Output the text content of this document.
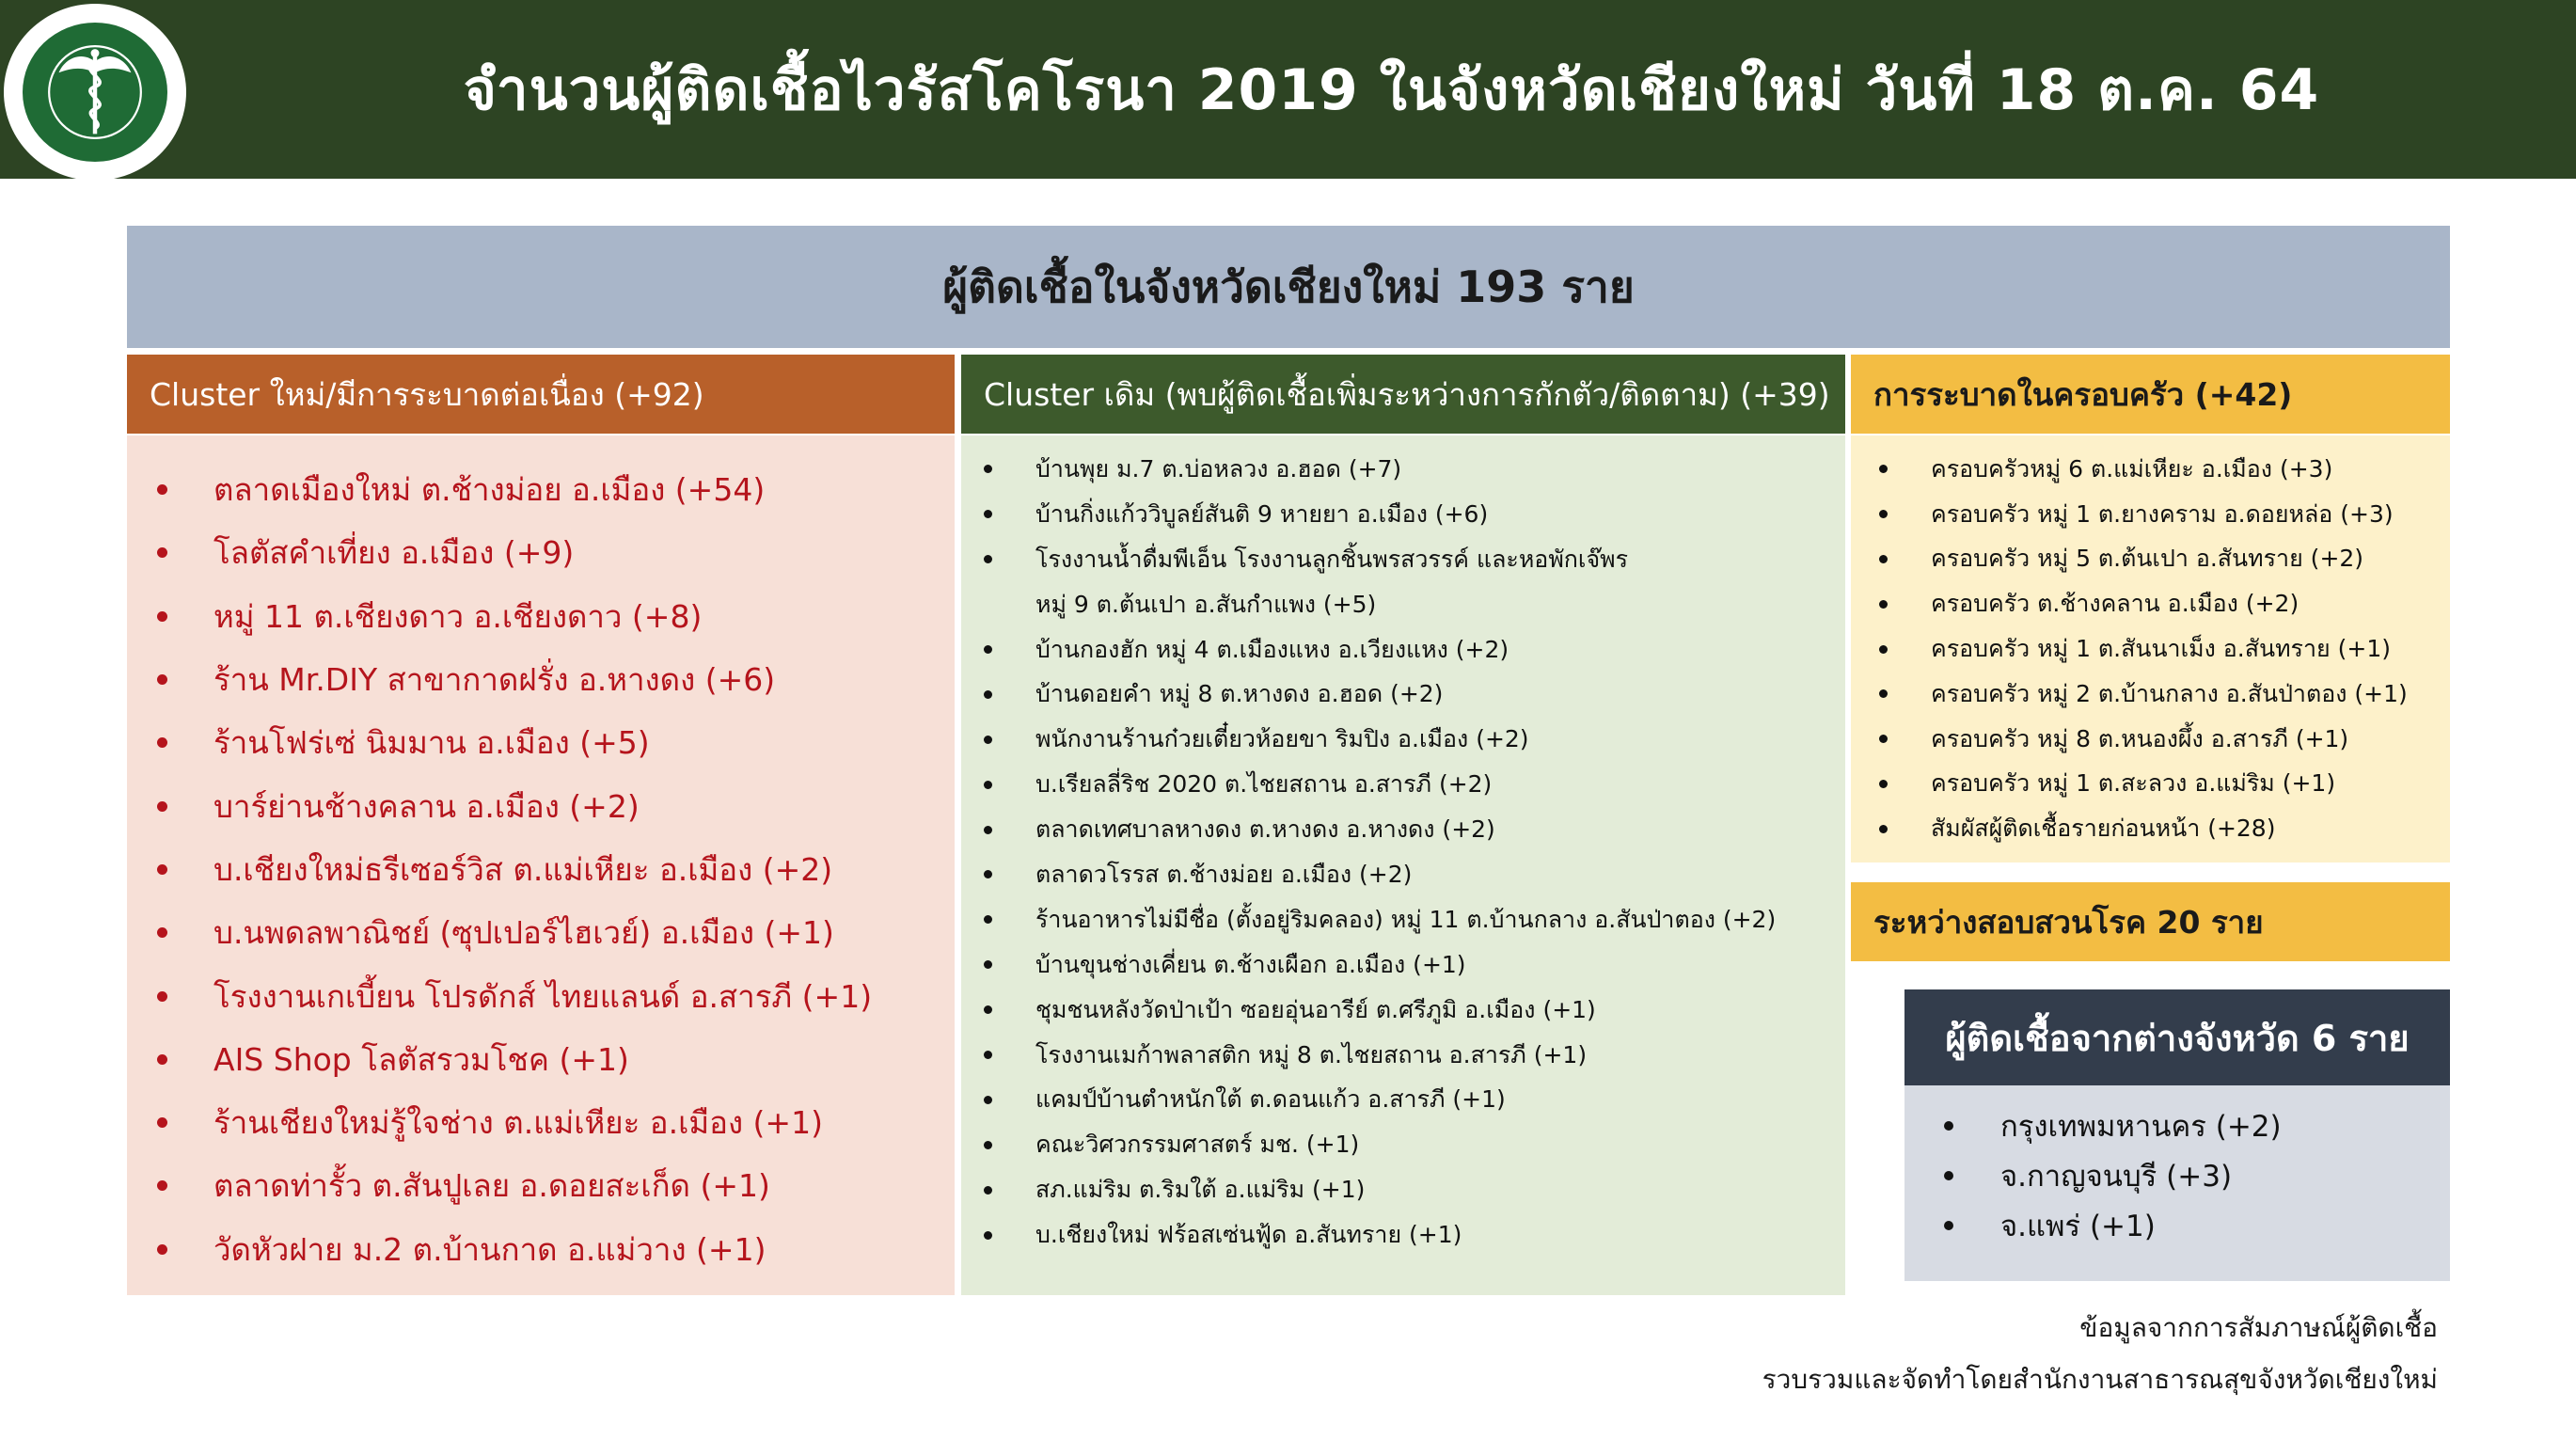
จำนวนผู้ติดเชื้อไวรัสโคโรนา 2019 ในจังหวัดเชียงใหม่ วันที่ 18 ต.ค. 64
ผู้ติดเชื้อในจังหวัดเชียงใหม่ 193 ราย
Cluster ใหม่/มีการระบาดต่อเนื่อง (+92)
ตลาดเมืองใหม่ ต.ช้างม่อย อ.เมือง (+54)
โลตัสคำเที่ยง อ.เมือง (+9)
หมู่ 11 ต.เชียงดาว อ.เชียงดาว (+8)
ร้าน Mr.DIY สาขากาดฝรั่ง อ.หางดง (+6)
ร้านโฟร่เซ่ นิมมาน อ.เมือง (+5)
บาร์ย่านช้างคลาน อ.เมือง (+2)
บ.เชียงใหม่ธรีเซอร์วิส ต.แม่เหียะ อ.เมือง (+2)
บ.นพดลพาณิชย์ (ซุปเปอร์ไฮเวย์) อ.เมือง (+1)
โรงงานเกเบี้ยน โปรดักส์ ไทยแลนด์ อ.สารภี (+1)
AIS Shop โลตัสรวมโชค (+1)
ร้านเชียงใหม่รู้ใจช่าง ต.แม่เหียะ อ.เมือง (+1)
ตลาดท่ารั้ว ต.สันปูเลย อ.ดอยสะเก็ด (+1)
วัดหัวฝาย ม.2 ต.บ้านกาด อ.แม่วาง (+1)
Cluster เดิม (พบผู้ติดเชื้อเพิ่มระหว่างการกักตัว/ติดตาม) (+39)
บ้านพุย ม.7 ต.บ่อหลวง อ.ฮอด (+7)
บ้านกิ่งแก้ววิบูลย์สันติ 9 หายยา อ.เมือง (+6)
โรงงานน้ำดื่มพีเอ็น โรงงานลูกชิ้นพรสวรรค์ และหอพักเจ๊พร
หมู่ 9 ต.ต้นเปา อ.สันกำแพง (+5)
บ้านกองฮัก หมู่ 4 ต.เมืองแหง อ.เวียงแหง (+2)
บ้านดอยคำ หมู่ 8 ต.หางดง อ.ฮอด (+2)
พนักงานร้านก๋วยเตี๋ยวห้อยขา ริมปิง อ.เมือง (+2)
บ.เรียลลี่ริช 2020 ต.ไชยสถาน อ.สารภี (+2)
ตลาดเทศบาลหางดง ต.หางดง อ.หางดง (+2)
ตลาดวโรรส ต.ช้างม่อย อ.เมือง (+2)
ร้านอาหารไม่มีชื่อ (ตั้งอยู่ริมคลอง) หมู่ 11 ต.บ้านกลาง อ.สันป่าตอง (+2)
บ้านขุนช่างเคี่ยน ต.ช้างเผือก อ.เมือง (+1)
ชุมชนหลังวัดป่าเป้า ซอยอุ่นอารีย์ ต.ศรีภูมิ อ.เมือง (+1)
โรงงานเมก้าพลาสติก หมู่ 8 ต.ไชยสถาน อ.สารภี (+1)
แคมป์บ้านตำหนักใต้ ต.ดอนแก้ว อ.สารภี (+1)
คณะวิศวกรรมศาสตร์ มช. (+1)
สภ.แม่ริม ต.ริมใต้ อ.แม่ริม (+1)
บ.เชียงใหม่ ฟร้อสเซ่นฟู้ด อ.สันทราย (+1)
การระบาดในครอบครัว (+42)
ครอบครัวหมู่ 6 ต.แม่เหียะ อ.เมือง (+3)
ครอบครัว หมู่ 1 ต.ยางคราม อ.ดอยหล่อ (+3)
ครอบครัว หมู่ 5 ต.ต้นเปา อ.สันทราย (+2)
ครอบครัว ต.ช้างคลาน อ.เมือง (+2)
ครอบครัว หมู่ 1 ต.สันนาเม็ง อ.สันทราย (+1)
ครอบครัว หมู่ 2 ต.บ้านกลาง อ.สันป่าตอง (+1)
ครอบครัว หมู่ 8 ต.หนองผึ้ง อ.สารภี (+1)
ครอบครัว หมู่ 1 ต.สะลวง อ.แม่ริม (+1)
สัมผัสผู้ติดเชื้อรายก่อนหน้า (+28)
ระหว่างสอบสวนโรค 20 ราย
ผู้ติดเชื้อจากต่างจังหวัด 6 ราย
กรุงเทพมหานคร (+2)
จ.กาญจนบุรี (+3)
จ.แพร่ (+1)
ข้อมูลจากการสัมภาษณ์ผู้ติดเชื้อ
รวบรวมและจัดทำโดยสำนักงานสาธารณสุขจังหวัดเชียงใหม่
